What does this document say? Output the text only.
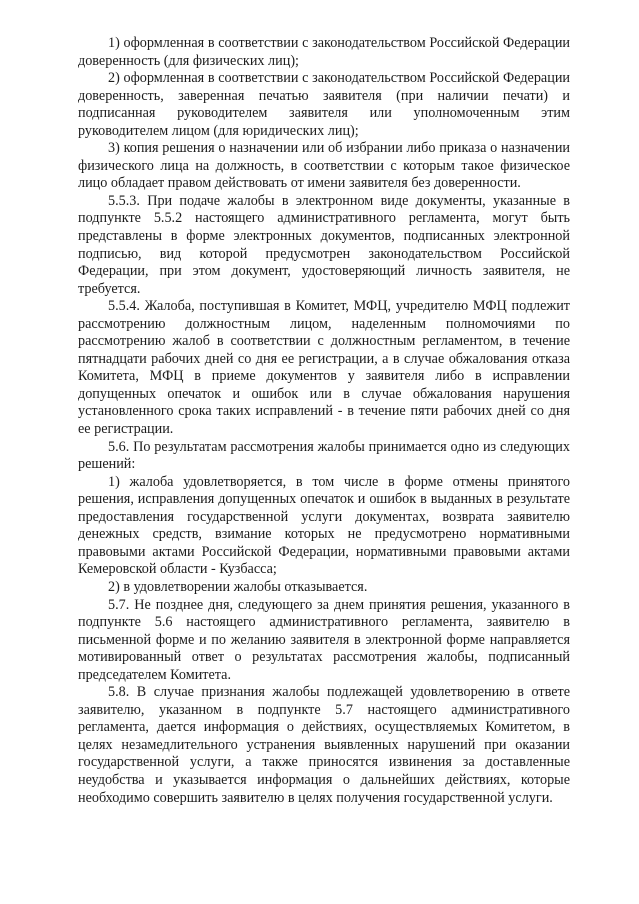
1) оформленная в соответствии с законодательством Российской Федерации доверенность (для физических лиц);

2) оформленная в соответствии с законодательством Российской Федерации доверенность, заверенная печатью заявителя (при наличии печати) и подписанная руководителем заявителя или уполномоченным этим руководителем лицом (для юридических лиц);

3) копия решения о назначении или об избрании либо приказа о назначении физического лица на должность, в соответствии с которым такое физическое лицо обладает правом действовать от имени заявителя без доверенности.

5.5.3. При подаче жалобы в электронном виде документы, указанные в подпункте 5.5.2 настоящего административного регламента, могут быть представлены в форме электронных документов, подписанных электронной подписью, вид которой предусмотрен законодательством Российской Федерации, при этом документ, удостоверяющий личность заявителя, не требуется.

5.5.4. Жалоба, поступившая в Комитет, МФЦ, учредителю МФЦ подлежит рассмотрению должностным лицом, наделенным полномочиями по рассмотрению жалоб в соответствии с должностным регламентом, в течение пятнадцати рабочих дней со дня ее регистрации, а в случае обжалования отказа Комитета, МФЦ в приеме документов у заявителя либо в исправлении допущенных опечаток и ошибок или в случае обжалования нарушения установленного срока таких исправлений - в течение пяти рабочих дней со дня ее регистрации.

5.6. По результатам рассмотрения жалобы принимается одно из следующих решений:

1) жалоба удовлетворяется, в том числе в форме отмены принятого решения, исправления допущенных опечаток и ошибок в выданных в результате предоставления государственной услуги документах, возврата заявителю денежных средств, взимание которых не предусмотрено нормативными правовыми актами Российской Федерации, нормативными правовыми актами Кемеровской области - Кузбасса;

2) в удовлетворении жалобы отказывается.

5.7. Не позднее дня, следующего за днем принятия решения, указанного в подпункте 5.6 настоящего административного регламента, заявителю в письменной форме и по желанию заявителя в электронной форме направляется мотивированный ответ о результатах рассмотрения жалобы, подписанный председателем Комитета.

5.8. В случае признания жалобы подлежащей удовлетворению в ответе заявителю, указанном в подпункте 5.7 настоящего административного регламента, дается информация о действиях, осуществляемых Комитетом, в целях незамедлительного устранения выявленных нарушений при оказании государственной услуги, а также приносятся извинения за доставленные неудобства и указывается информация о дальнейших действиях, которые необходимо совершить заявителю в целях получения государственной услуги.
